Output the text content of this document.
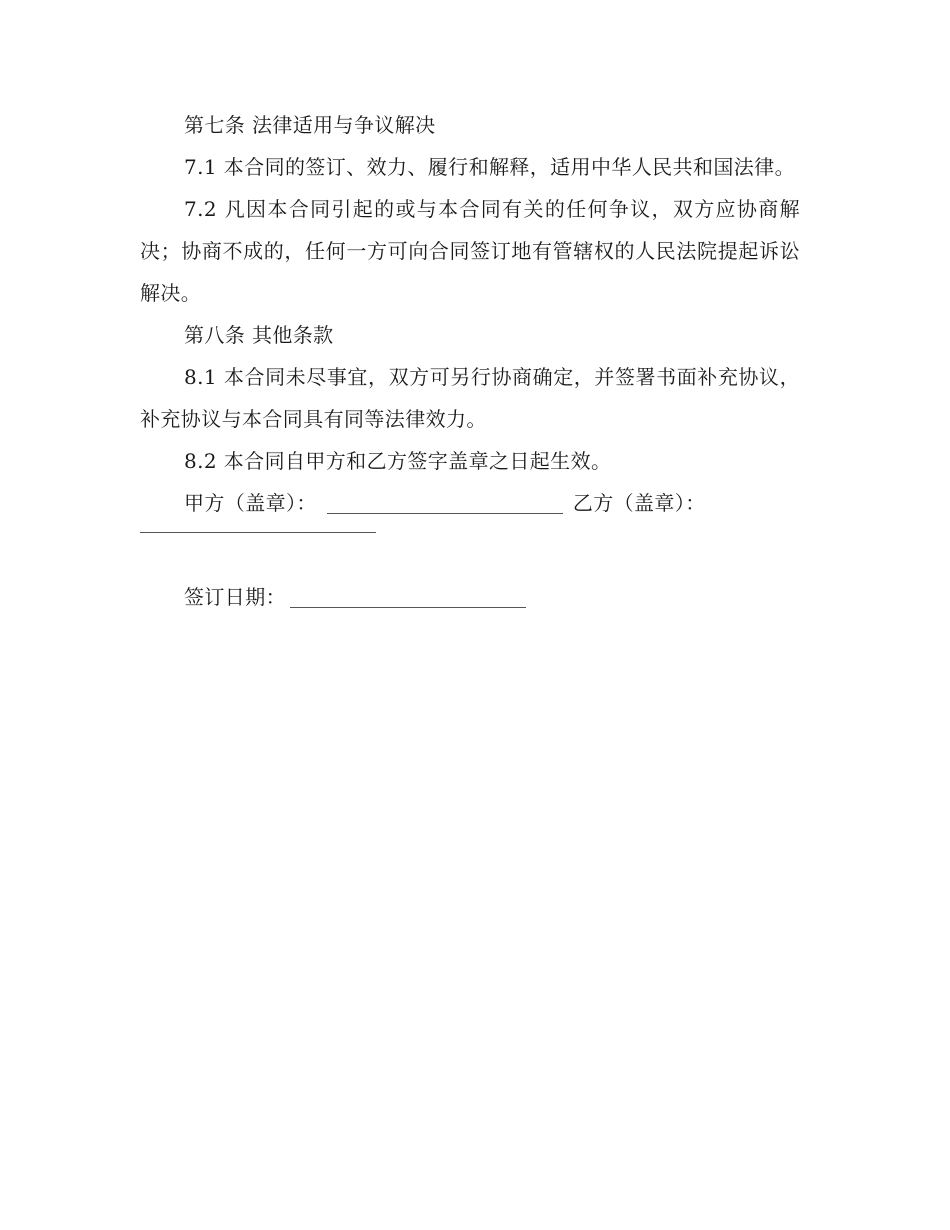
第七条 法律适用与争议解决

7.1 本合同的签订、效力、履行和解释，适用中华人民共和国法律。

7.2 凡因本合同引起的或与本合同有关的任何争议，双方应协商解决；协商不成的，任何一方可向合同签订地有管辖权的人民法院提起诉讼解决。

第八条 其他条款

8.1 本合同未尽事宜，双方可另行协商确定，并签署书面补充协议，补充协议与本合同具有同等法律效力。

8.2 本合同自甲方和乙方签字盖章之日起生效。

甲方（盖章）：	乙方（盖章）：
签订日期：
